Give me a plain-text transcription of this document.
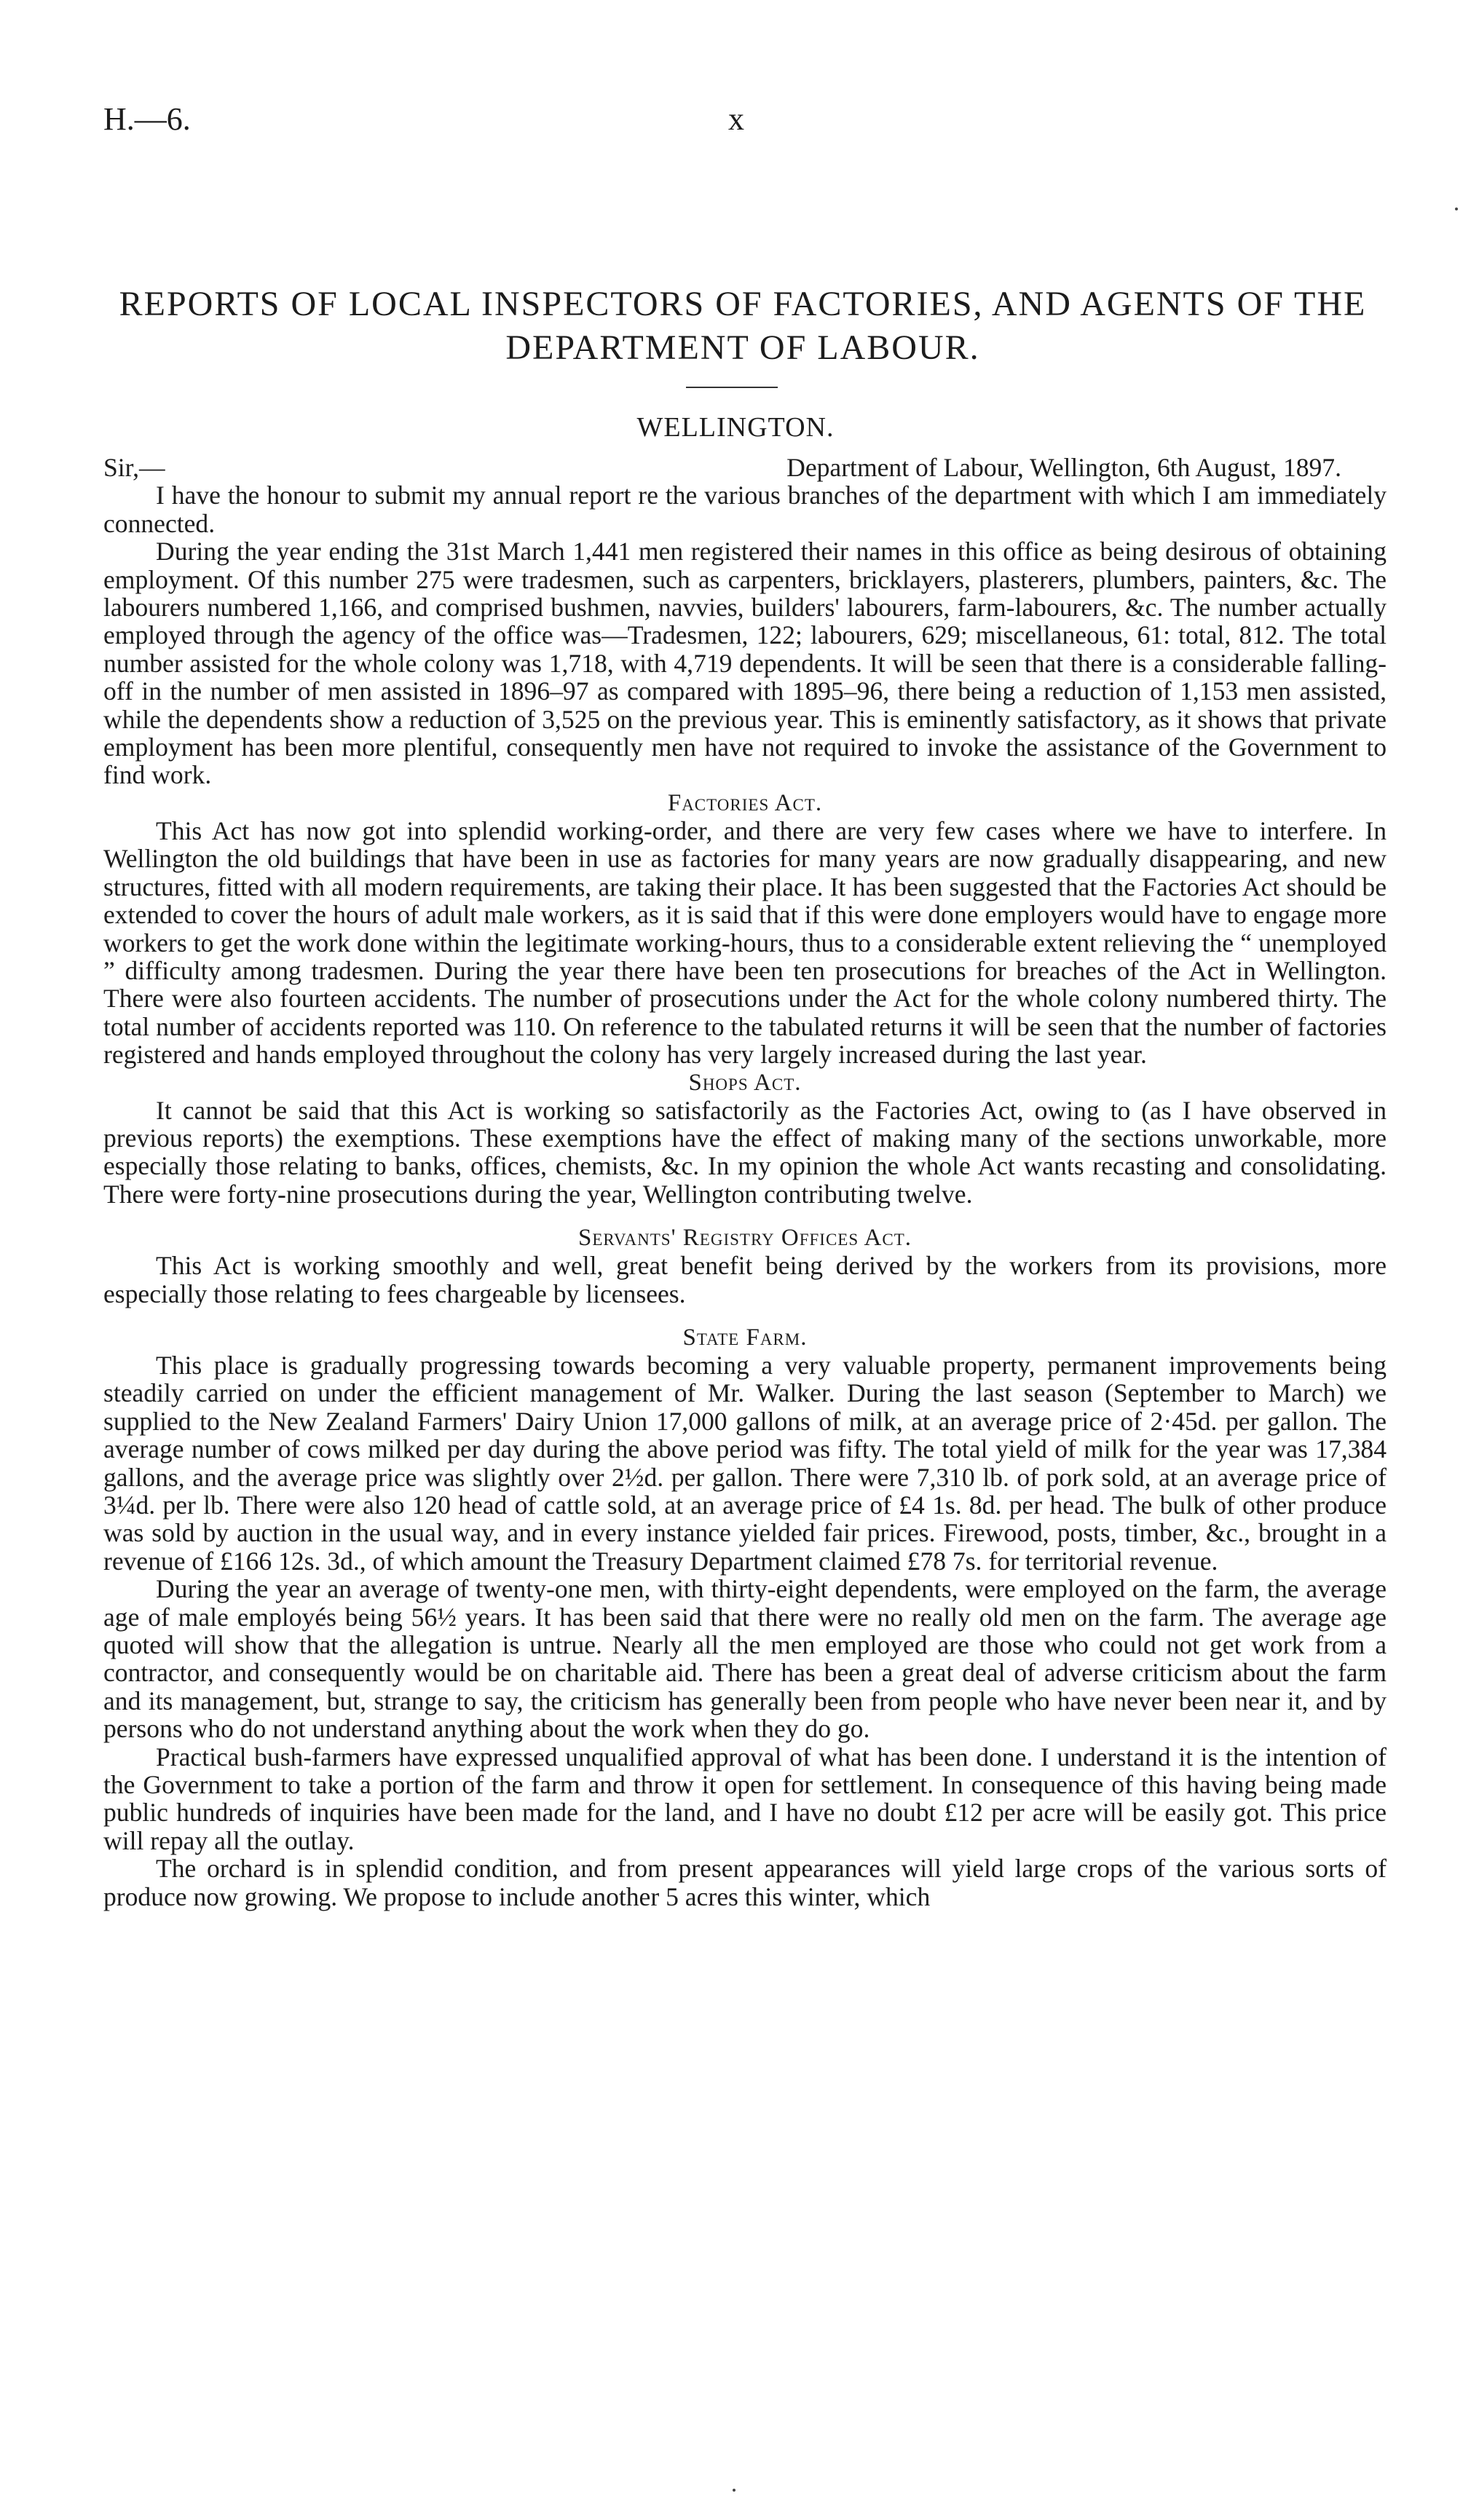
H.—6.	x
REPORTS OF LOCAL INSPECTORS OF FACTORIES, AND AGENTS OF THE DEPARTMENT OF LABOUR.
WELLINGTON.

Sir,—	Department of Labour, Wellington, 6th August, 1897.

I have the honour to submit my annual report re the various branches of the department with which I am immediately connected.

During the year ending the 31st March 1,441 men registered their names in this office as being desirous of obtaining employment. Of this number 275 were tradesmen, such as carpenters, bricklayers, plasterers, plumbers, painters, &c. The labourers numbered 1,166, and comprised bushmen, navvies, builders' labourers, farm-labourers, &c. The number actually employed through the agency of the office was—Tradesmen, 122; labourers, 629; miscellaneous, 61: total, 812. The total number assisted for the whole colony was 1,718, with 4,719 dependents. It will be seen that there is a considerable falling-off in the number of men assisted in 1896–97 as compared with 1895–96, there being a reduction of 1,153 men assisted, while the dependents show a reduction of 3,525 on the previous year. This is eminently satisfactory, as it shows that private employment has been more plentiful, consequently men have not required to invoke the assistance of the Government to find work.

Factories Act.

This Act has now got into splendid working-order, and there are very few cases where we have to interfere. In Wellington the old buildings that have been in use as factories for many years are now gradually disappearing, and new structures, fitted with all modern requirements, are taking their place. It has been suggested that the Factories Act should be extended to cover the hours of adult male workers, as it is said that if this were done employers would have to engage more workers to get the work done within the legitimate working-hours, thus to a considerable extent relieving the “ unemployed ” difficulty among tradesmen. During the year there have been ten prosecutions for breaches of the Act in Wellington. There were also fourteen accidents. The number of prosecutions under the Act for the whole colony numbered thirty. The total number of accidents reported was 110. On reference to the tabulated returns it will be seen that the number of factories registered and hands employed throughout the colony has very largely increased during the last year.

Shops Act.

It cannot be said that this Act is working so satisfactorily as the Factories Act, owing to (as I have observed in previous reports) the exemptions. These exemptions have the effect of making many of the sections unworkable, more especially those relating to banks, offices, chemists, &c. In my opinion the whole Act wants recasting and consolidating. There were forty-nine prosecutions during the year, Wellington contributing twelve.

Servants' Registry Offices Act.

This Act is working smoothly and well, great benefit being derived by the workers from its provisions, more especially those relating to fees chargeable by licensees.

State Farm.

This place is gradually progressing towards becoming a very valuable property, permanent improvements being steadily carried on under the efficient management of Mr. Walker. During the last season (September to March) we supplied to the New Zealand Farmers' Dairy Union 17,000 gallons of milk, at an average price of 2·45d. per gallon. The average number of cows milked per day during the above period was fifty. The total yield of milk for the year was 17,384 gallons, and the average price was slightly over 2½d. per gallon. There were 7,310 lb. of pork sold, at an average price of 3¼d. per lb. There were also 120 head of cattle sold, at an average price of £4 1s. 8d. per head. The bulk of other produce was sold by auction in the usual way, and in every instance yielded fair prices. Firewood, posts, timber, &c., brought in a revenue of £166 12s. 3d., of which amount the Treasury Department claimed £78 7s. for territorial revenue.

During the year an average of twenty-one men, with thirty-eight dependents, were employed on the farm, the average age of male employés being 56½ years. It has been said that there were no really old men on the farm. The average age quoted will show that the allegation is untrue. Nearly all the men employed are those who could not get work from a contractor, and consequently would be on charitable aid. There has been a great deal of adverse criticism about the farm and its management, but, strange to say, the criticism has generally been from people who have never been near it, and by persons who do not understand anything about the work when they do go.

Practical bush-farmers have expressed unqualified approval of what has been done. I understand it is the intention of the Government to take a portion of the farm and throw it open for settlement. In consequence of this having being made public hundreds of inquiries have been made for the land, and I have no doubt £12 per acre will be easily got. This price will repay all the outlay.

The orchard is in splendid condition, and from present appearances will yield large crops of the various sorts of produce now growing. We propose to include another 5 acres this winter, which
